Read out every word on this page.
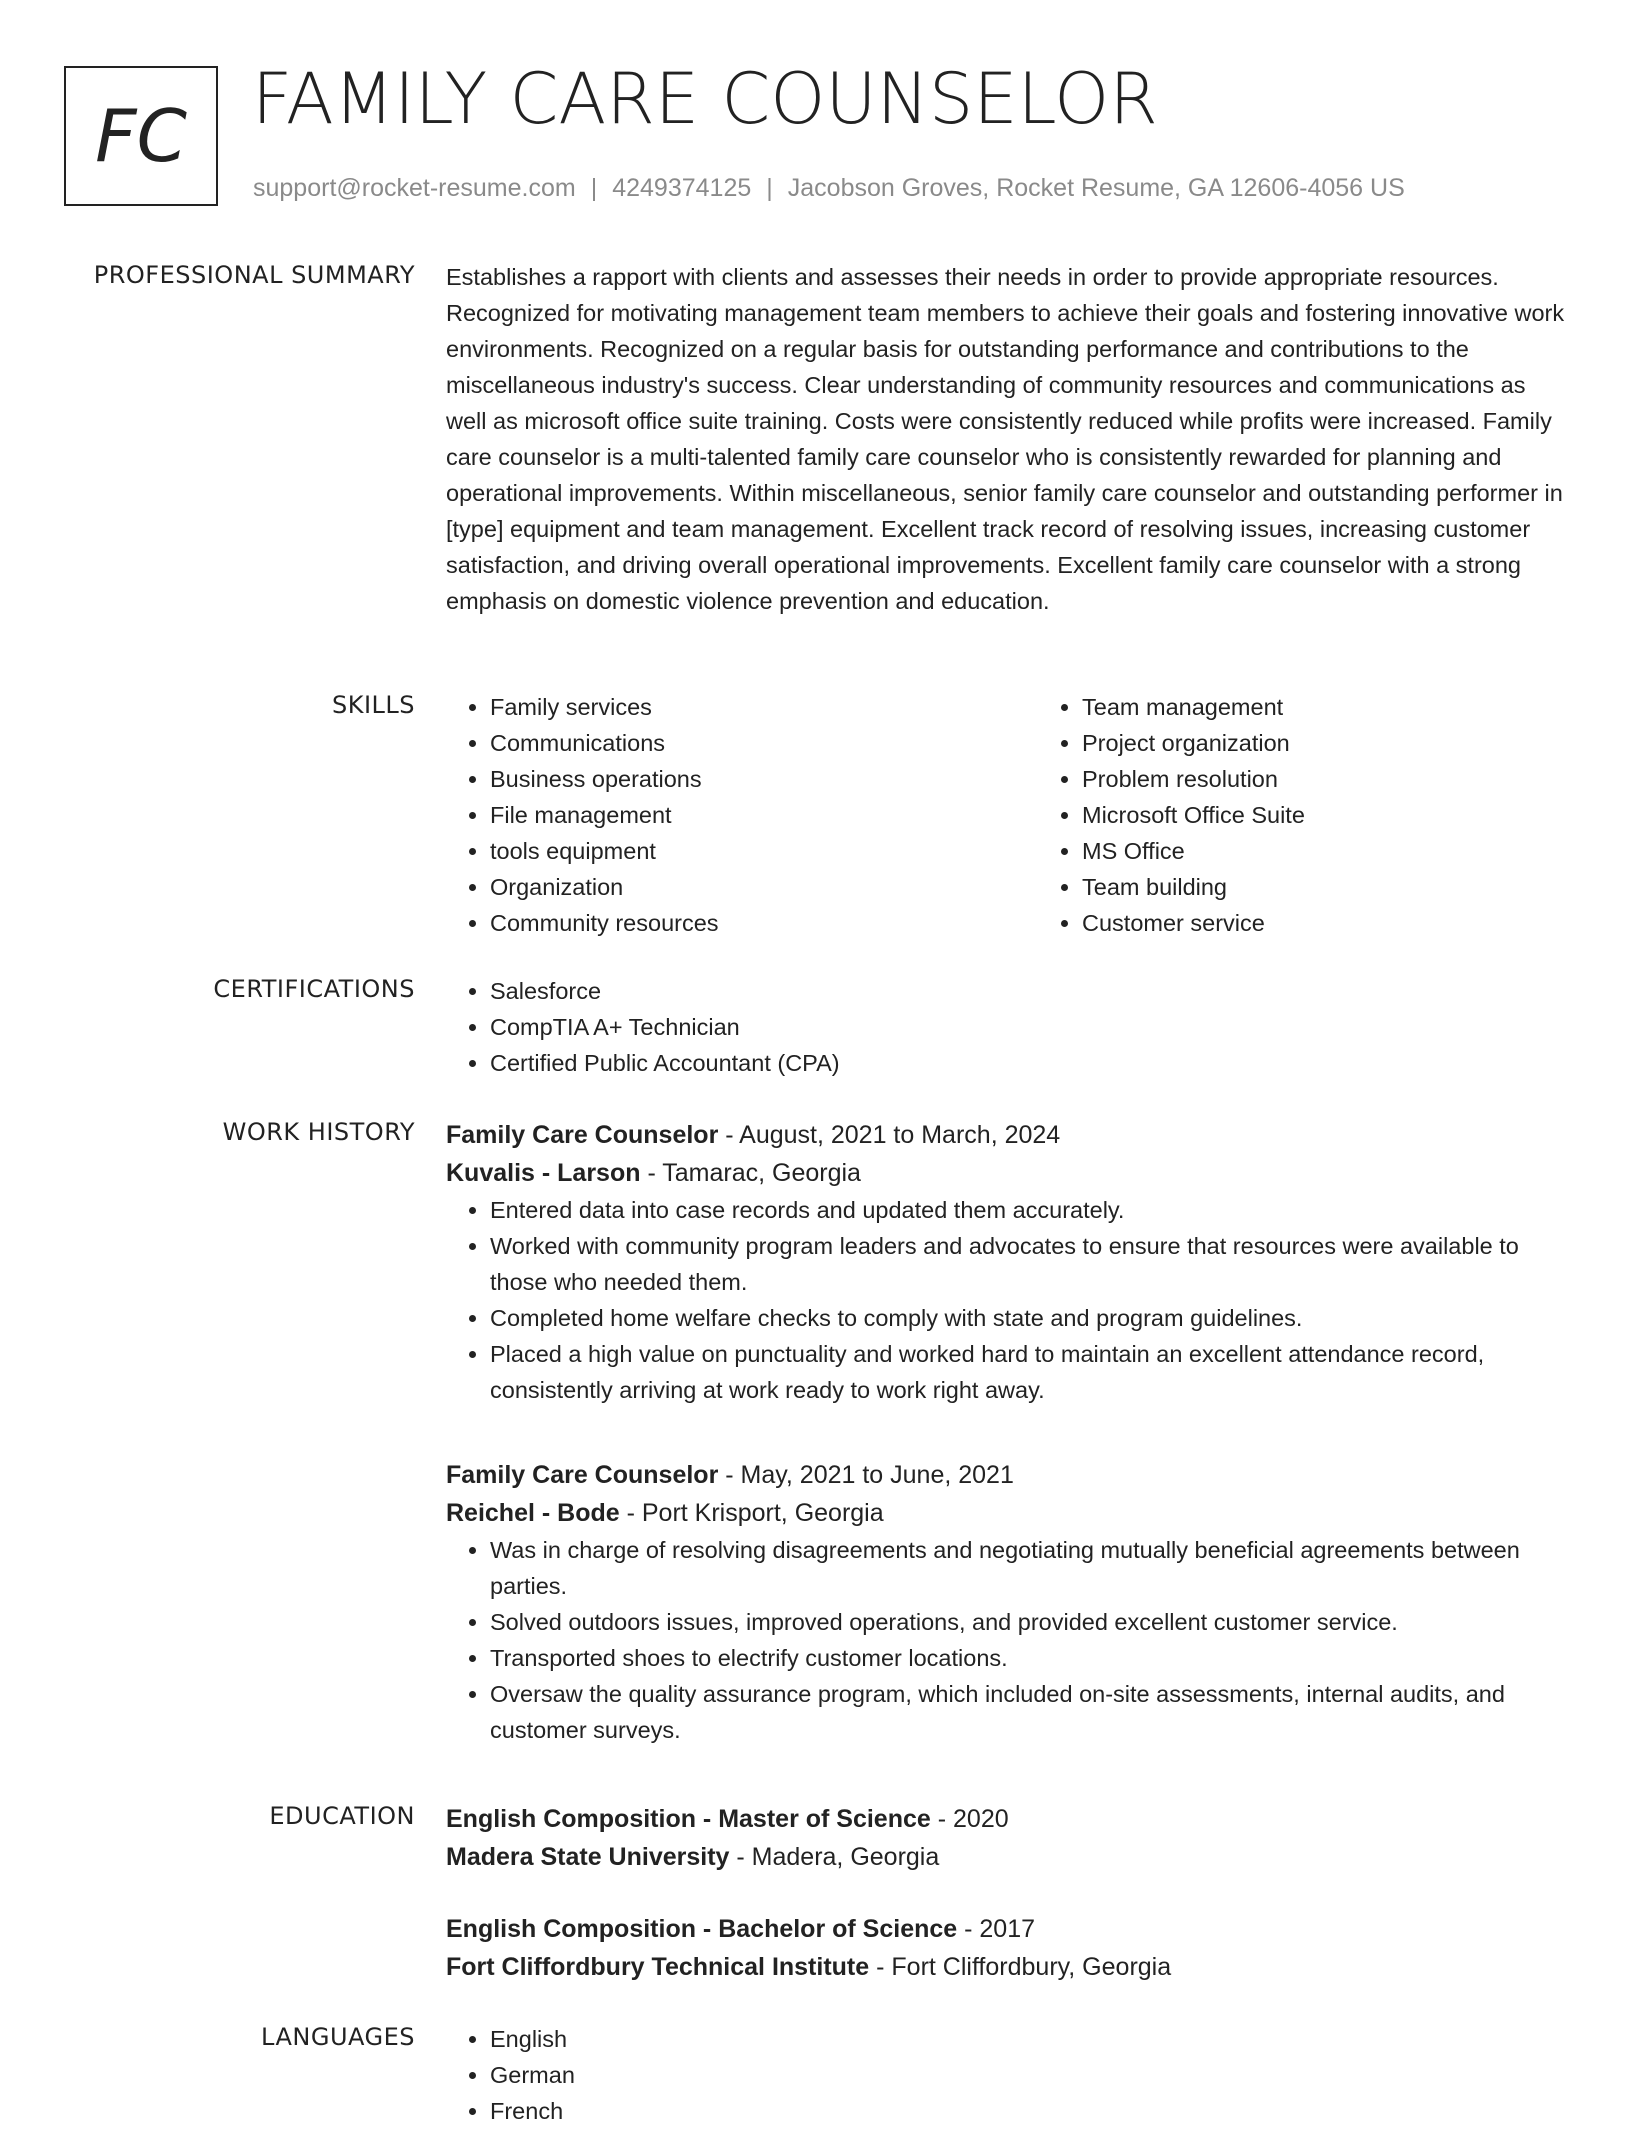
FC FAMILY CARE COUNSELOR
support@rocket-resume.com | 4249374125 | Jacobson Groves, Rocket Resume, GA 12606-4056 US
PROFESSIONAL SUMMARY Establishes a rapport with clients and assesses their needs in order to provide appropriate resources. Recognized for motivating management team members to achieve their goals and fostering innovative work environments. Recognized on a regular basis for outstanding performance and contributions to the miscellaneous industry's success. Clear understanding of community resources and communications as well as microsoft office suite training. Costs were consistently reduced while profits were increased. Family care counselor is a multi-talented family care counselor who is consistently rewarded for planning and operational improvements. Within miscellaneous, senior family care counselor and outstanding performer in [type] equipment and team management. Excellent track record of resolving issues, increasing customer satisfaction, and driving overall operational improvements. Excellent family care counselor with a strong emphasis on domestic violence prevention and education.

SKILLS	• Family services
• Communications
• Business operations
• File management
• tools equipment
• Organization
• Community resources
• Team management
• Project organization
• Problem resolution
• Microsoft Office Suite
• MS Office
• Team building
• Customer service
CERTIFICATIONS	• Salesforce
• CompTIA A+ Technician
• Certified Public Accountant (CPA)
WORK HISTORY Family Care Counselor - August, 2021 to March, 2024
Kuvalis - Larson - Tamarac, Georgia
• Entered data into case records and updated them accurately.
• Worked with community program leaders and advocates to ensure that resources were available to those who needed them.
• Completed home welfare checks to comply with state and program guidelines.
• Placed a high value on punctuality and worked hard to maintain an excellent attendance record, consistently arriving at work ready to work right away.
Family Care Counselor - May, 2021 to June, 2021
Reichel - Bode - Port Krisport, Georgia
• Was in charge of resolving disagreements and negotiating mutually beneficial agreements between parties.
• Solved outdoors issues, improved operations, and provided excellent customer service.
• Transported shoes to electrify customer locations.
• Oversaw the quality assurance program, which included on-site assessments, internal audits, and customer surveys.
EDUCATION English Composition - Master of Science - 2020
Madera State University - Madera, Georgia
English Composition - Bachelor of Science - 2017
Fort Cliffordbury Technical Institute - Fort Cliffordbury, Georgia
LANGUAGES	• English
• German
• French
